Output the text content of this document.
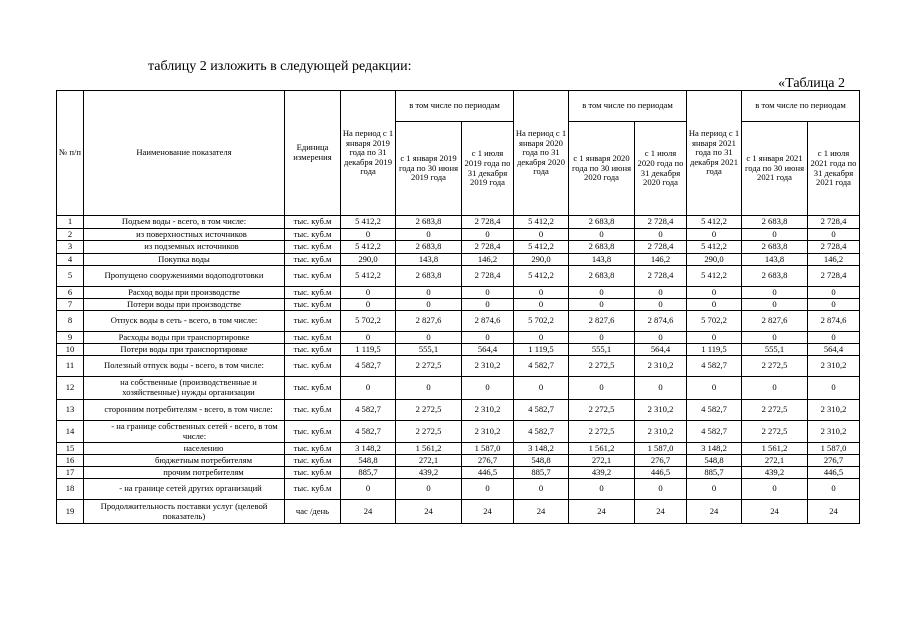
таблицу 2 изложить в следующей редакции:
«Таблица 2
№ п/п	Наименование показателя	Единица измерения	На период с 1 января 2019 года по 31 декабря 2019 года	в том числе по периодам		На период с 1 января 2020 года по 31 декабря 2020 года	в том числе по периодам		На период с 1 января 2021 года по 31 декабря 2021 года	в том числе по периодам	
				с 1 января 2019 года по 30 июня 2019 года	с 1 июля 2019 года по 31 декабря 2019 года		с 1 января 2020 года по 30 июня 2020 года	с 1 июля 2020 года по 31 декабря 2020 года		с 1 января 2021 года по 30 июня 2021 года	с 1 июля 2021 года по 31 декабря 2021 года
1	Подъем воды - всего, в том числе:	тыс. куб.м	5 412,2	2 683,8	2 728,4	5 412,2	2 683,8	2 728,4	5 412,2	2 683,8	2 728,4
2	из поверхностных источников	тыс. куб.м	0	0	0	0	0	0	0	0	0
3	из подземных источников	тыс. куб.м	5 412,2	2 683,8	2 728,4	5 412,2	2 683,8	2 728,4	5 412,2	2 683,8	2 728,4
4	Покупка воды	тыс. куб.м	290,0	143,8	146,2	290,0	143,8	146,2	290,0	143,8	146,2
5	Пропущено сооружениями водоподготовки	тыс. куб.м	5 412,2	2 683,8	2 728,4	5 412,2	2 683,8	2 728,4	5 412,2	2 683,8	2 728,4
6	Расход воды при производстве	тыс. куб.м	0	0	0	0	0	0	0	0	0
7	Потери воды при производстве	тыс. куб.м	0	0	0	0	0	0	0	0	0
8	Отпуск воды в сеть - всего, в том числе:	тыс. куб.м	5 702,2	2 827,6	2 874,6	5 702,2	2 827,6	2 874,6	5 702,2	2 827,6	2 874,6
9	Расходы воды при транспортировке	тыс. куб.м	0	0	0	0	0	0	0	0	0
10	Потери воды при транспортировке	тыс. куб.м	1 119,5	555,1	564,4	1 119,5	555,1	564,4	1 119,5	555,1	564,4
11	Полезный отпуск воды - всего, в том числе:	тыс. куб.м	4 582,7	2 272,5	2 310,2	4 582,7	2 272,5	2 310,2	4 582,7	2 272,5	2 310,2
12	на собственные (производственные и хозяйственные) нужды организации	тыс. куб.м	0	0	0	0	0	0	0	0	0
13	сторонним потребителям - всего, в том числе:	тыс. куб.м	4 582,7	2 272,5	2 310,2	4 582,7	2 272,5	2 310,2	4 582,7	2 272,5	2 310,2
14	- на границе собственных сетей - всего, в том числе:	тыс. куб.м	4 582,7	2 272,5	2 310,2	4 582,7	2 272,5	2 310,2	4 582,7	2 272,5	2 310,2
15	населению	тыс. куб.м	3 148,2	1 561,2	1 587,0	3 148,2	1 561,2	1 587,0	3 148,2	1 561,2	1 587,0
16	бюджетным потребителям	тыс. куб.м	548,8	272,1	276,7	548,8	272,1	276,7	548,8	272,1	276,7
17	прочим потребителям	тыс. куб.м	885,7	439,2	446,5	885,7	439,2	446,5	885,7	439,2	446,5
18	- на границе сетей других организаций	тыс. куб.м	0	0	0	0	0	0	0	0	0
19	Продолжительность поставки услуг (целевой показатель)	час /день	24	24	24	24	24	24	24	24	24
